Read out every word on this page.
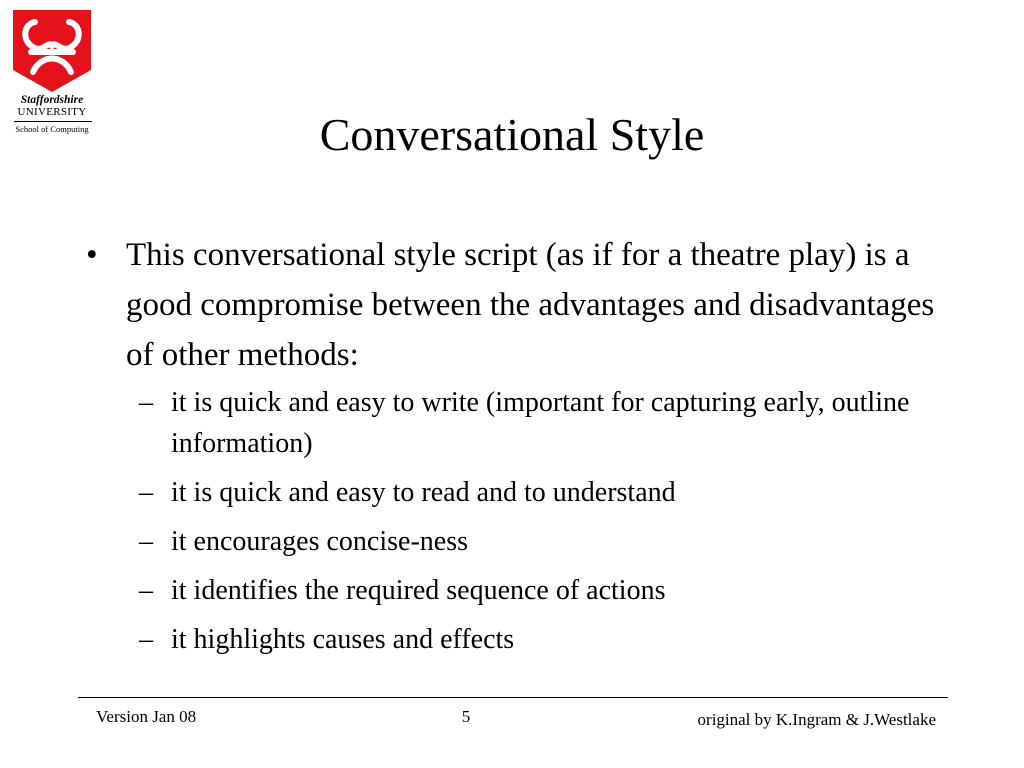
Staffordshire
UNIVERSITY
School of Computing	Conversational Style
• This conversational style script (as if for a theatre play) is a good compromise between the advantages and disadvantages of other methods:
– it is quick and easy to write (important for capturing early, outline information)
– it is quick and easy to read and to understand
– it encourages concise-ness
– it identifies the required sequence of actions
– it highlights causes and effects
Version Jan 08	5	original by K.Ingram & J.Westlake
